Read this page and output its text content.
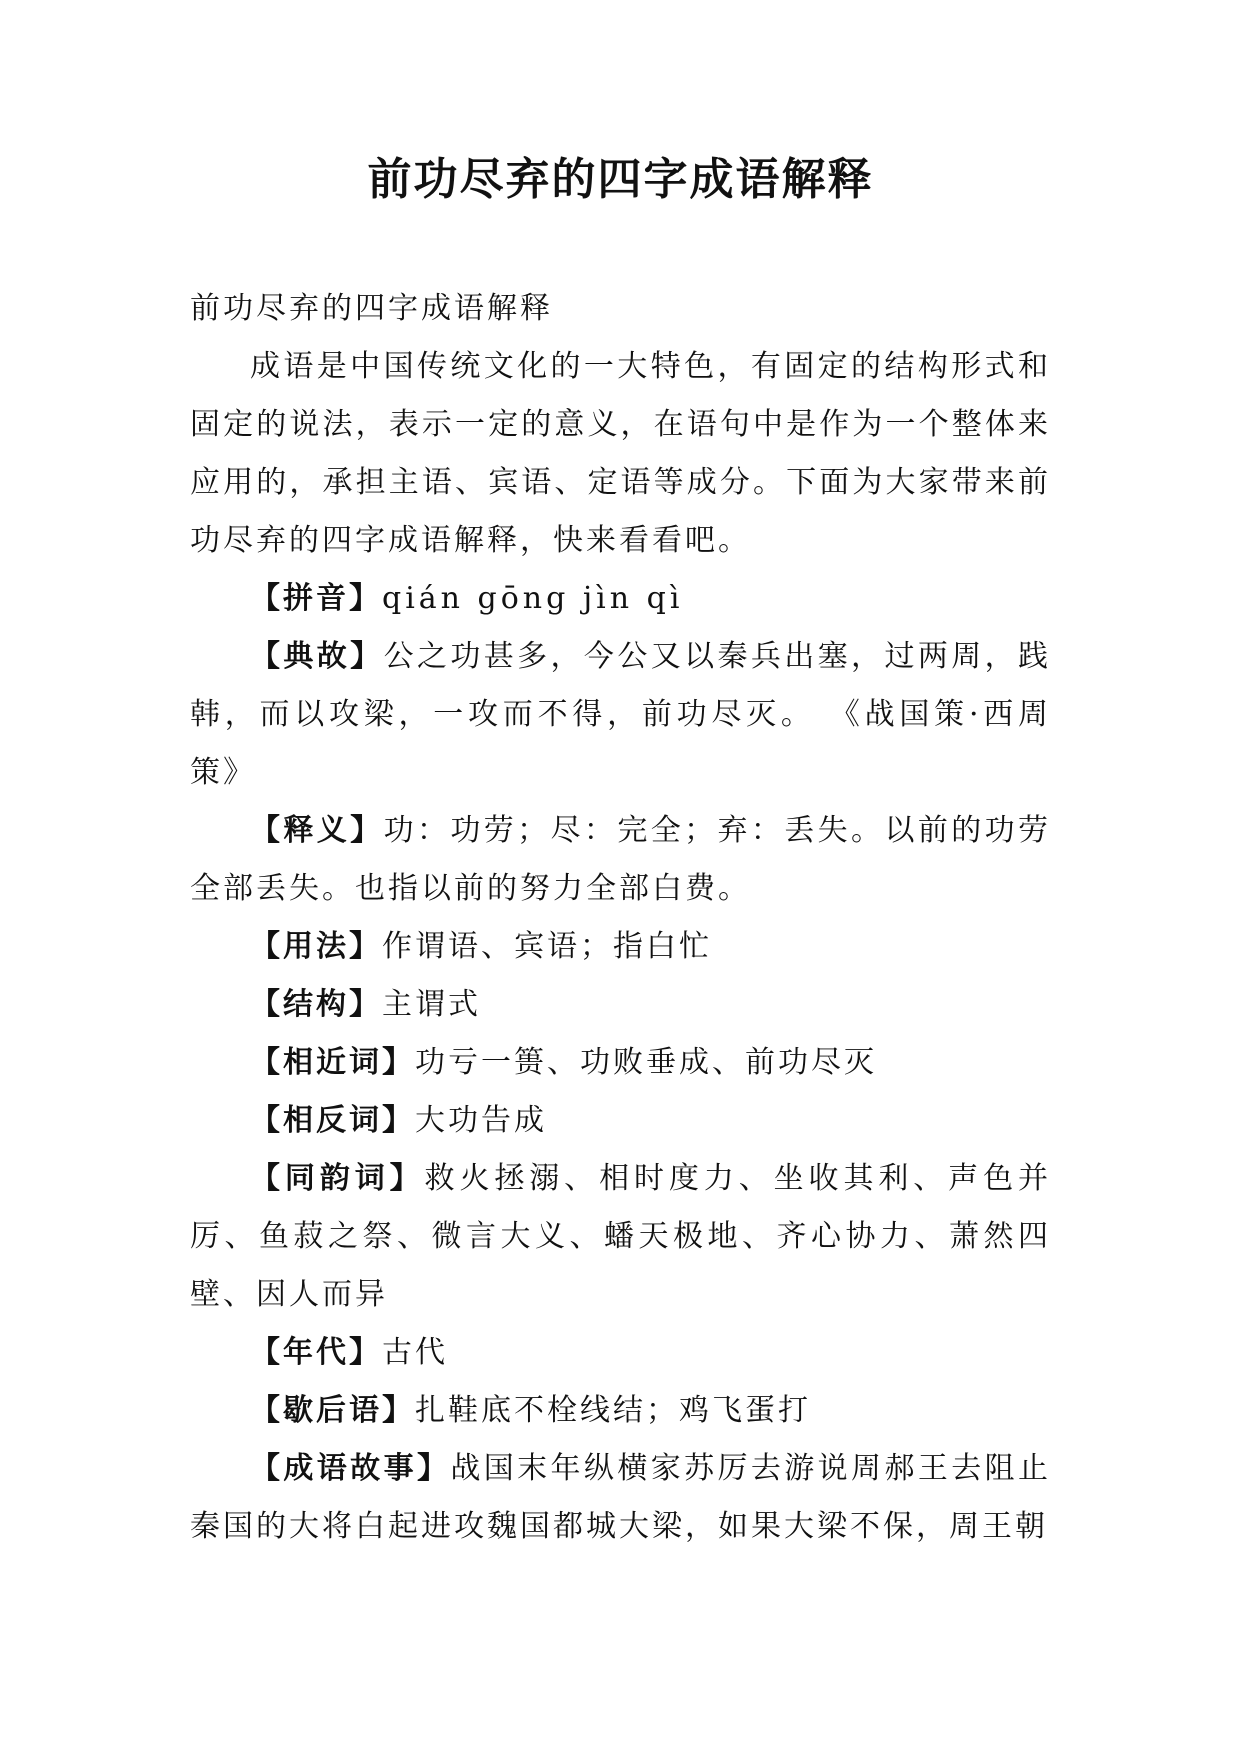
前功尽弃的四字成语解释

前功尽弃的四字成语解释

成语是中国传统文化的一大特色，有固定的结构形式和固定的说法，表示一定的意义，在语句中是作为一个整体来应用的，承担主语、宾语、定语等成分。下面为大家带来前功尽弃的四字成语解释，快来看看吧。

【拼音】qián gōng jìn qì

【典故】公之功甚多，今公又以秦兵出塞，过两周，践韩，而以攻梁，一攻而不得，前功尽灭。 《战国策·西周策》

【释义】功：功劳；尽：完全；弃：丢失。以前的功劳全部丢失。也指以前的努力全部白费。

【用法】作谓语、宾语；指白忙

【结构】主谓式

【相近词】功亏一篑、功败垂成、前功尽灭

【相反词】大功告成

【同韵词】救火拯溺、相时度力、坐收其利、声色并厉、鱼菽之祭、微言大义、蟠天极地、齐心协力、萧然四壁、因人而异

【年代】古代

【歇后语】扎鞋底不栓线结；鸡飞蛋打

【成语故事】战国末年纵横家苏厉去游说周郝王去阻止秦国的大将白起进攻魏国都城大梁，如果大梁不保，周王朝
